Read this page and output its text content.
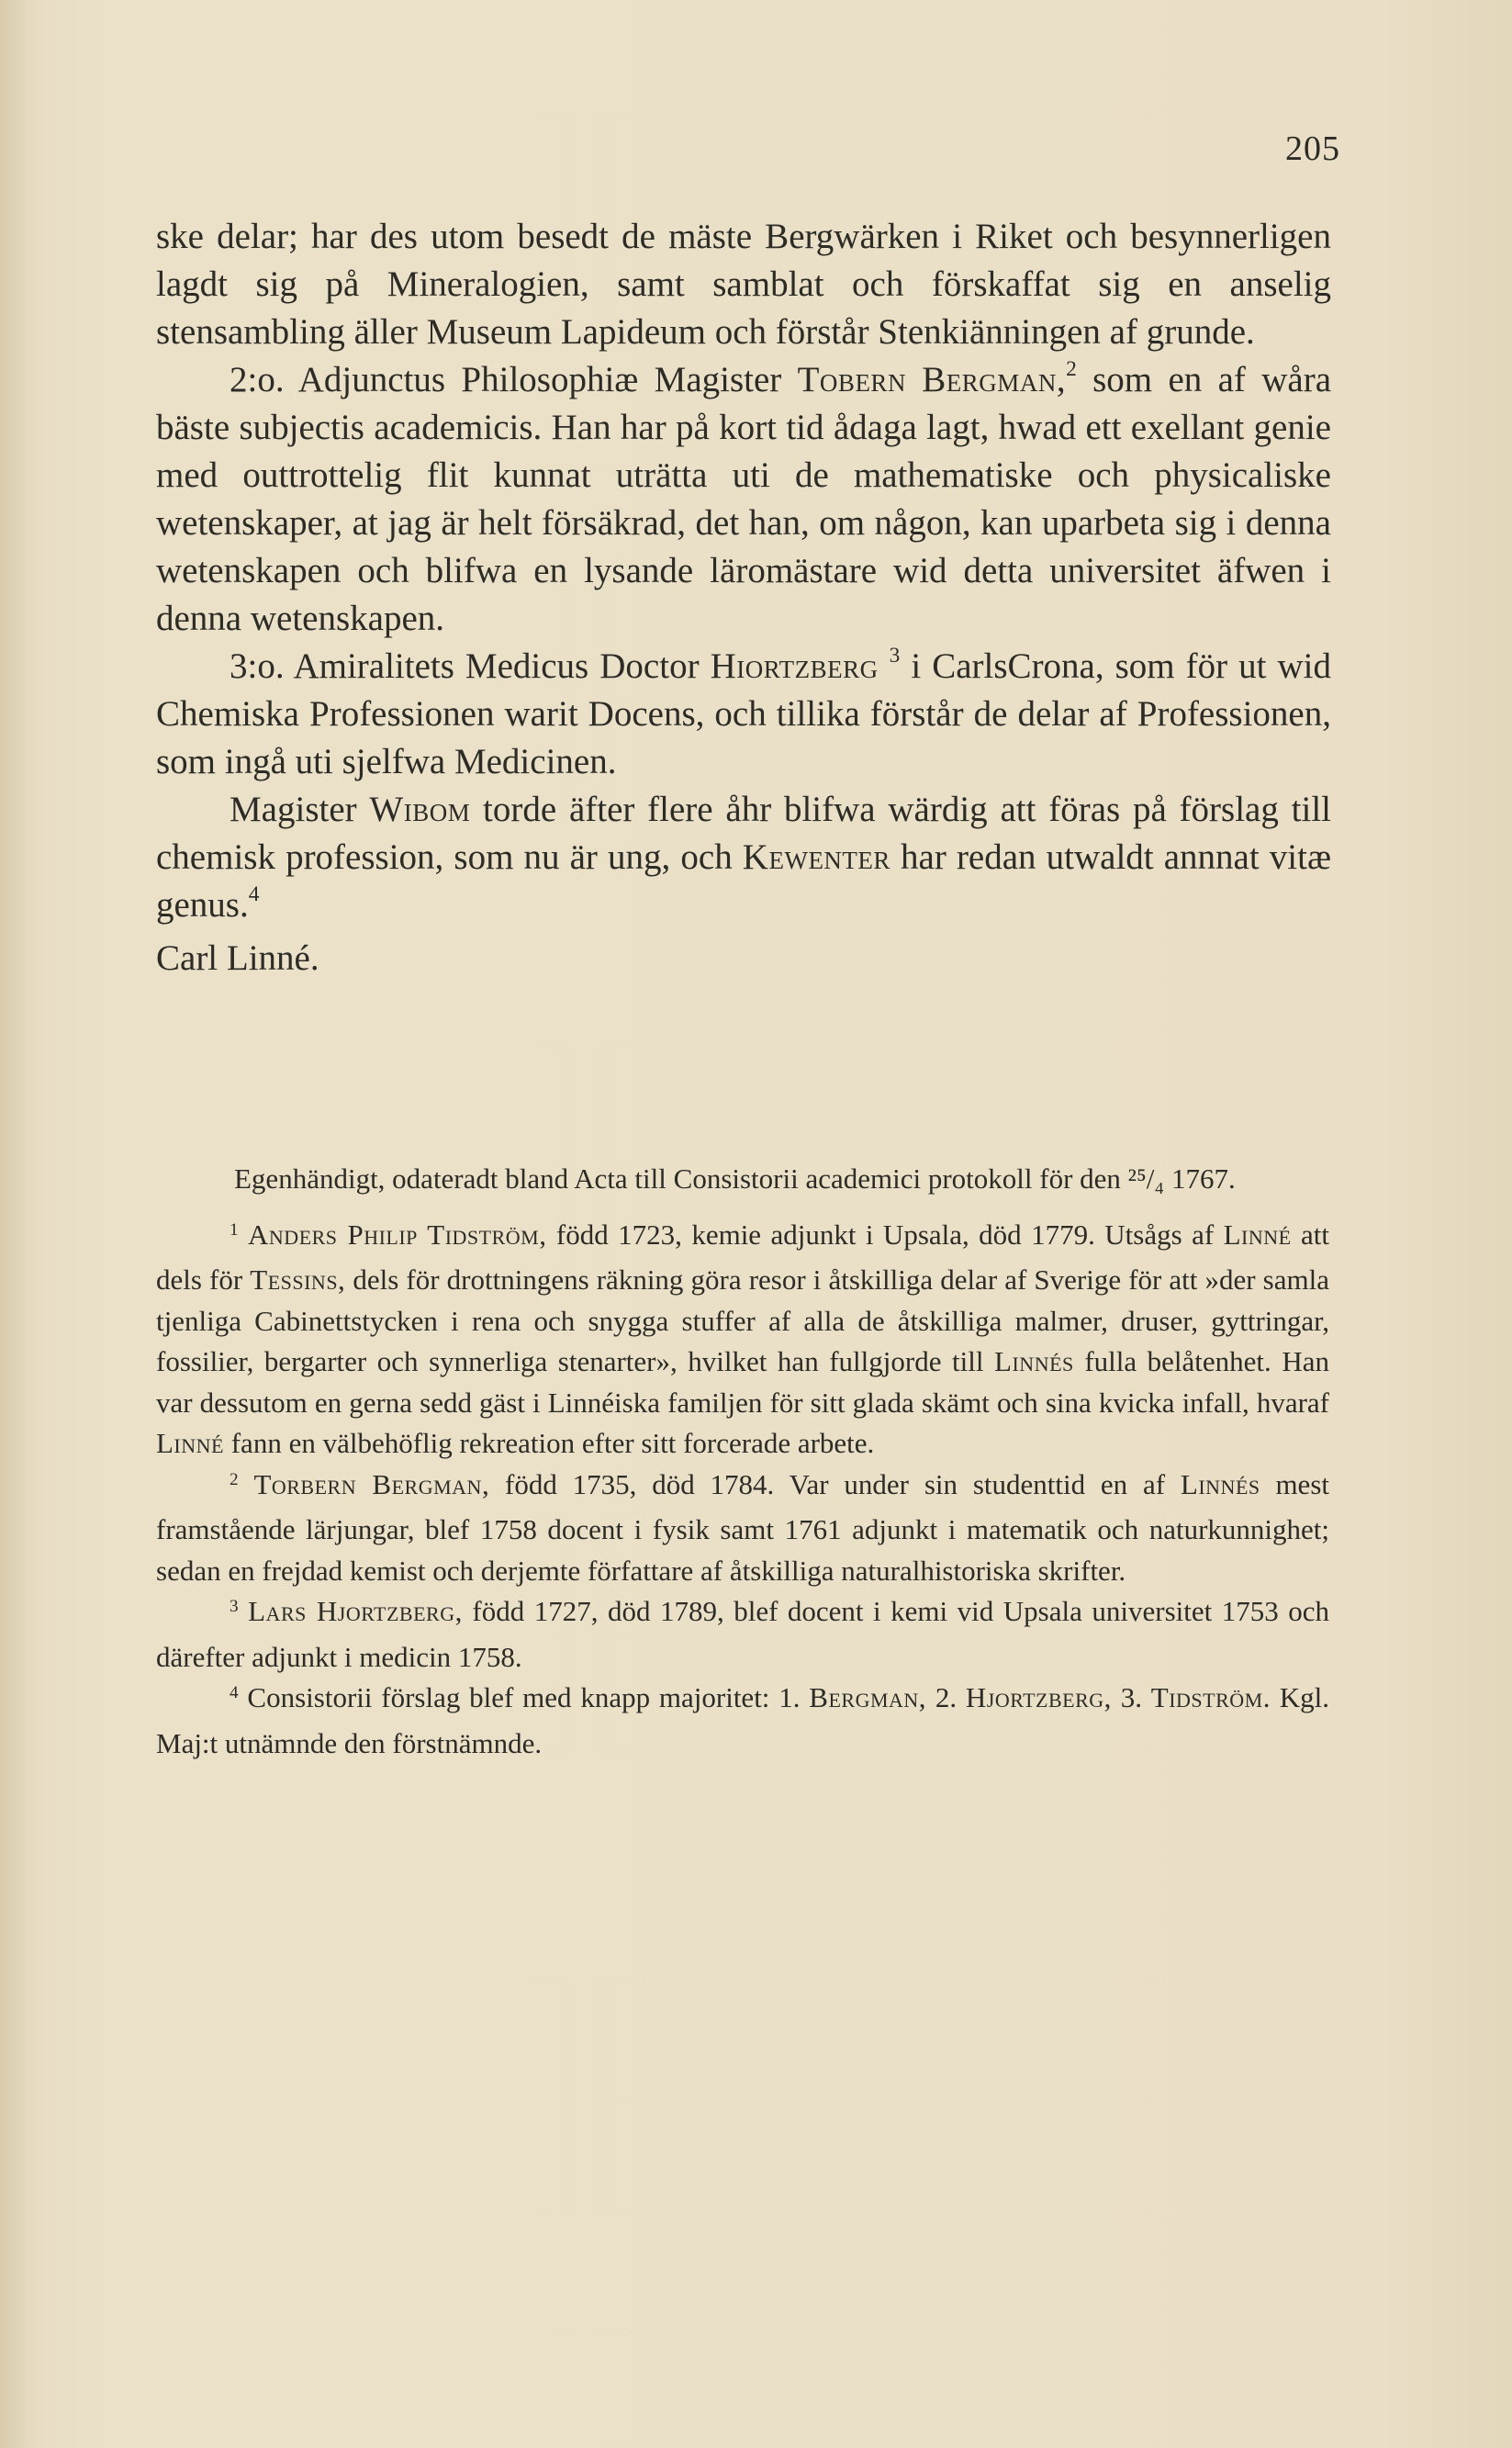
205

ske delar; har des utom besedt de mäste Bergwärken i Riket och besynnerligen lagdt sig på Mineralogien, samt samblat och förskaffat sig en anselig stensambling äller Museum Lapideum och förstår Stenkiänningen af grunde.

2:o. Adjunctus Philosophiæ Magister Tobern Bergman,$^2$ som en af wåra bäste subjectis academicis. Han har på kort tid ådaga lagt, hwad ett exellant genie med outtrottelig flit kunnat uträtta uti de mathematiske och physicaliske wetenskaper, at jag är helt försäkrad, det han, om någon, kan uparbeta sig i denna wetenskapen och blifwa en lysande läromästare wid detta universitet äfwen i denna wetenskapen.

3:o. Amiralitets Medicus Doctor Hiortzberg $^3$ i CarlsCrona, som för ut wid Chemiska Professionen warit Docens, och tillika förstår de delar af Professionen, som ingå uti sjelfwa Medicinen.

Magister Wibom torde äfter flere åhr blifwa wärdig att föras på förslag till chemisk profession, som nu är ung, och Kewenter har redan utwaldt annnat vitæ genus.$^4$

Carl Linné.

Egenhändigt, odateradt bland Acta till Consistorii academici protokoll för den ²⁵/₄ 1767.

$^1$ Anders Philip Tidström, född 1723, kemie adjunkt i Upsala, död 1779. Utsågs af Linné att dels för Tessins, dels för drottningens räkning göra resor i åtskilliga delar af Sverige för att »der samla tjenliga Cabinettstycken i rena och snygga stuffer af alla de åtskilliga malmer, druser, gyttringar, fossilier, bergarter och synnerliga stenarter», hvilket han fullgjorde till Linnés fulla belåtenhet. Han var dessutom en gerna sedd gäst i Linnéiska familjen för sitt glada skämt och sina kvicka infall, hvaraf Linné fann en välbehöflig rekreation efter sitt forcerade arbete.

$^2$ Torbern Bergman, född 1735, död 1784. Var under sin studenttid en af Linnés mest framstående lärjungar, blef 1758 docent i fysik samt 1761 adjunkt i matematik och naturkunnighet; sedan en frejdad kemist och derjemte författare af åtskilliga naturalhistoriska skrifter.

$^3$ Lars Hjortzberg, född 1727, död 1789, blef docent i kemi vid Upsala universitet 1753 och därefter adjunkt i medicin 1758.

$^4$ Consistorii förslag blef med knapp majoritet: 1. Bergman, 2. Hjortzberg, 3. Tidström. Kgl. Maj:t utnämnde den förstnämnde.
